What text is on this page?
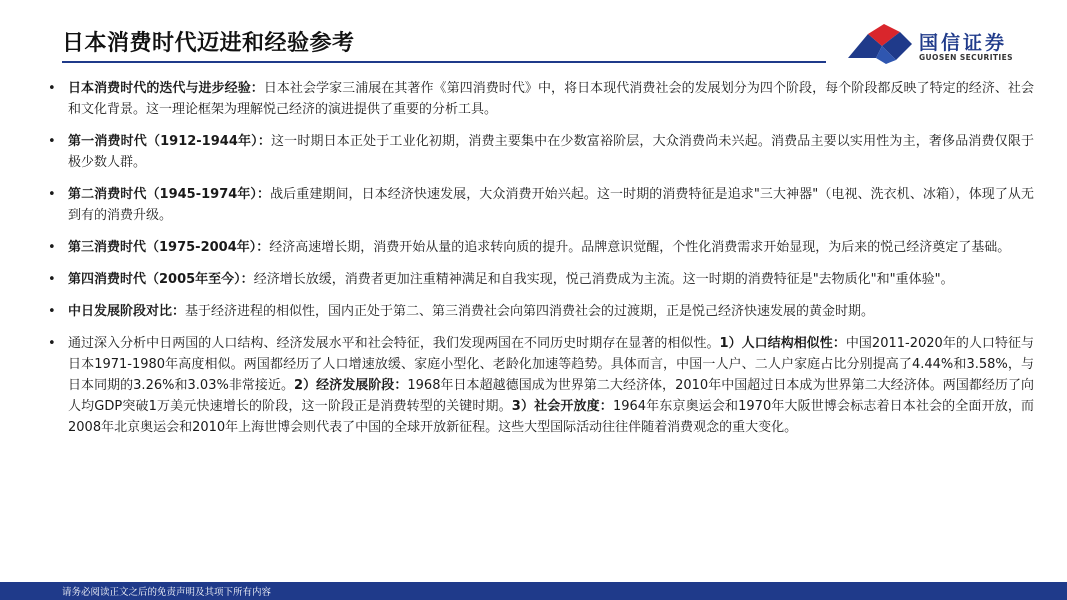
日本消费时代迈进和经验参考	国信证券
GUOSEN SECURITIES
• 日本消费时代的迭代与进步经验：日本社会学家三浦展在其著作《第四消费时代》中，将日本现代消费社会的发展划分为四个阶段，每个阶段都反映了特定的经济、社会和文化背景。这一理论框架为理解悦己经济的演进提供了重要的分析工具。
• 第一消费时代（1912-1944年）：这一时期日本正处于工业化初期，消费主要集中在少数富裕阶层，大众消费尚未兴起。消费品主要以实用性为主，奢侈品消费仅限于极少数人群。
• 第二消费时代（1945-1974年）：战后重建期间，日本经济快速发展，大众消费开始兴起。这一时期的消费特征是追求"三大神器"（电视、洗衣机、冰箱），体现了从无到有的消费升级。
• 第三消费时代（1975-2004年）：经济高速增长期，消费开始从量的追求转向质的提升。品牌意识觉醒，个性化消费需求开始显现，为后来的悦己经济奠定了基础。
• 第四消费时代（2005年至今）：经济增长放缓，消费者更加注重精神满足和自我实现，悦己消费成为主流。这一时期的消费特征是"去物质化"和"重体验"。
• 中日发展阶段对比：基于经济进程的相似性，国内正处于第二、第三消费社会向第四消费社会的过渡期，正是悦己经济快速发展的黄金时期。
• 通过深入分析中日两国的人口结构、经济发展水平和社会特征，我们发现两国在不同历史时期存在显著的相似性。1）人口结构相似性：中国2011-2020年的人口特征与日本1971-1980年高度相似。两国都经历了人口增速放缓、家庭小型化、老龄化加速等趋势。具体而言，中国一人户、二人户家庭占比分别提高了4.44%和3.58%，与日本同期的3.26%和3.03%非常接近。2）经济发展阶段：1968年日本超越德国成为世界第二大经济体，2010年中国超过日本成为世界第二大经济体。两国都经历了向人均GDP突破1万美元快速增长的阶段，这一阶段正是消费转型的关键时期。3）社会开放度：1964年东京奥运会和1970年大阪世博会标志着日本社会的全面开放，而2008年北京奥运会和2010年上海世博会则代表了中国的全球开放新征程。这些大型国际活动往往伴随着消费观念的重大变化。
请务必阅读正文之后的免责声明及其项下所有内容
